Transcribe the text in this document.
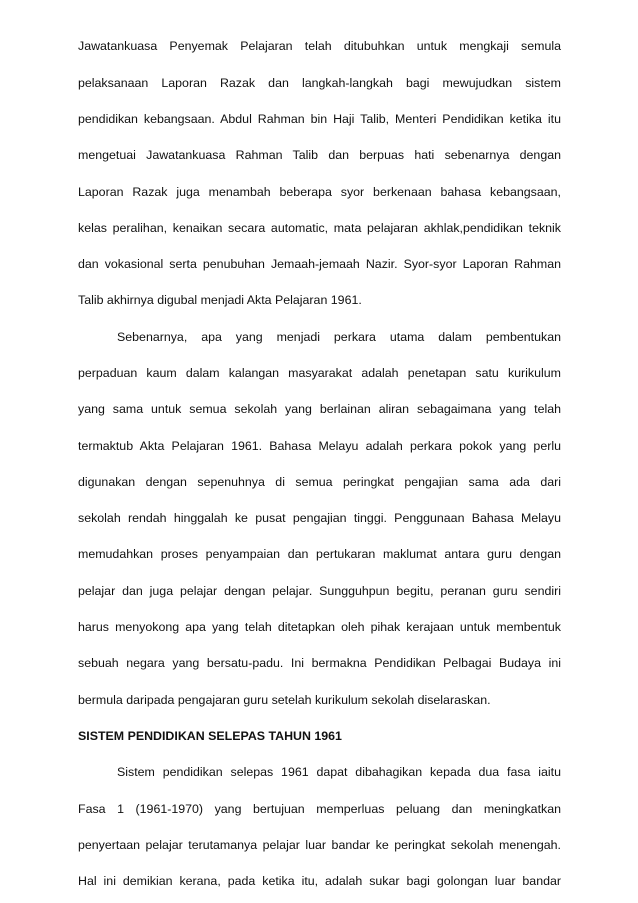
Jawatankuasa Penyemak Pelajaran telah ditubuhkan untuk mengkaji semula
pelaksanaan Laporan Razak dan langkah-langkah bagi mewujudkan sistem
pendidikan kebangsaan. Abdul Rahman bin Haji Talib, Menteri Pendidikan ketika itu
mengetuai Jawatankuasa Rahman Talib dan berpuas hati sebenarnya dengan
Laporan Razak juga menambah beberapa syor berkenaan bahasa kebangsaan,
kelas peralihan, kenaikan secara automatic, mata pelajaran akhlak,pendidikan teknik
dan vokasional serta penubuhan Jemaah-jemaah Nazir. Syor-syor Laporan Rahman
Talib akhirnya digubal menjadi Akta Pelajaran 1961.
Sebenarnya, apa yang menjadi perkara utama dalam pembentukan
perpaduan kaum dalam kalangan masyarakat adalah penetapan satu kurikulum
yang sama untuk semua sekolah yang berlainan aliran sebagaimana yang telah
termaktub Akta Pelajaran 1961. Bahasa Melayu adalah perkara pokok yang perlu
digunakan dengan sepenuhnya di semua peringkat pengajian sama ada dari
sekolah rendah hinggalah ke pusat pengajian tinggi. Penggunaan Bahasa Melayu
memudahkan proses penyampaian dan pertukaran maklumat antara guru dengan
pelajar dan juga pelajar dengan pelajar. Sungguhpun begitu, peranan guru sendiri
harus menyokong apa yang telah ditetapkan oleh pihak kerajaan untuk membentuk
sebuah negara yang bersatu-padu. Ini bermakna Pendidikan Pelbagai Budaya ini
bermula daripada pengajaran guru setelah kurikulum sekolah diselaraskan.
SISTEM PENDIDIKAN SELEPAS TAHUN 1961
Sistem pendidikan selepas 1961 dapat dibahagikan kepada dua fasa iaitu
Fasa 1 (1961-1970) yang bertujuan memperluas peluang dan meningkatkan
penyertaan pelajar terutamanya pelajar luar bandar ke peringkat sekolah menengah.
Hal ini demikian kerana, pada ketika itu, adalah sukar bagi golongan luar bandar
